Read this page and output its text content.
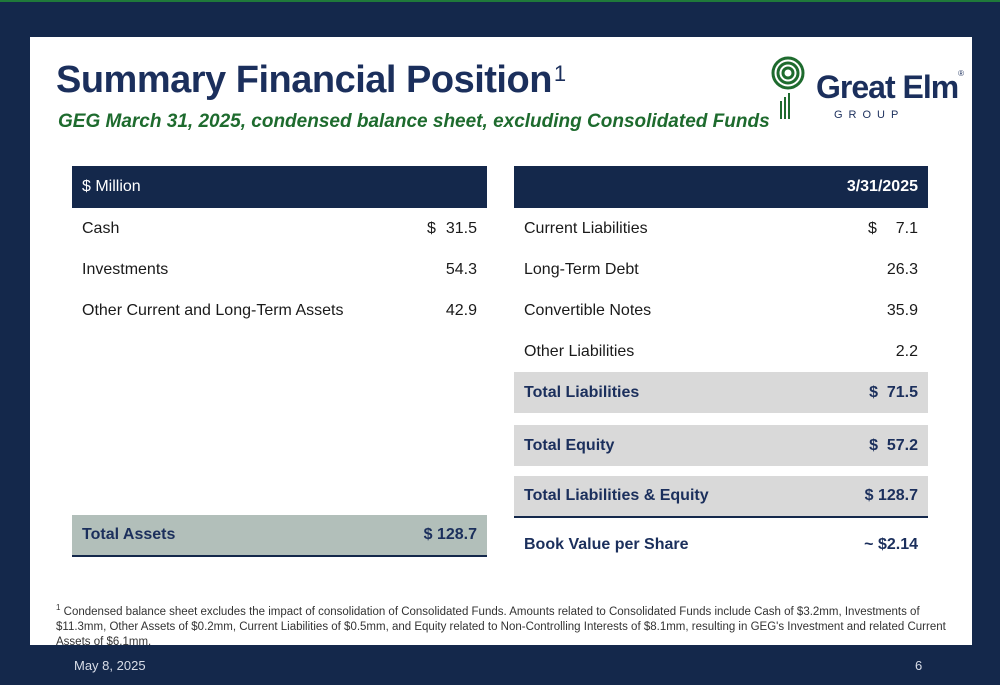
Summary Financial Position$^1$
GEG March 31, 2025, condensed balance sheet, excluding Consolidated Funds
Great Elm®
GROUP
$ Million
Cash	$ 31.5
Investments	54.3
Other Current and Long-Term Assets	42.9
Total Assets	$ 128.7
3/31/2025
Current Liabilities	$ 7.1
Long-Term Debt	26.3
Convertible Notes	35.9
Other Liabilities	2.2
Total Liabilities	$  71.5
Total Equity	$  57.2
Total Liabilities & Equity	$ 128.7
Book Value per Share	~ $2.14
$^1$ Condensed balance sheet excludes the impact of consolidation of Consolidated Funds. Amounts related to Consolidated Funds include Cash of $3.2mm, Investments of $11.3mm, Other Assets of $0.2mm, Current Liabilities of $0.5mm, and Equity related to Non-Controlling Interests of $8.1mm, resulting in GEG's Investment and related Current Assets of $6.1mm.
May 8, 2025	6
